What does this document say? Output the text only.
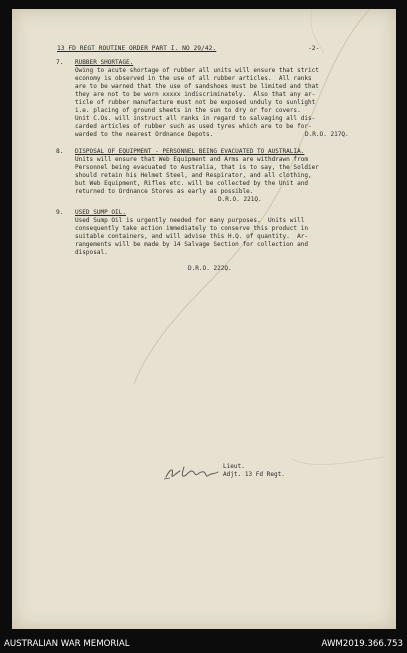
13 FD REGT ROUTINE ORDER PART I. NO 29/42.	-2-

7. RUBBER SHORTAGE.

Owing to acute shortage of rubber all units will ensure that strict

economy is observed in the use of all rubber articles.  All ranks

are to be warned that the use of sandshoes must be limited and that

they are not to be worn xxxxx indiscriminately.  Also that any ar-

ticle of rubber manufacture must not be exposed unduly to sunlight

i.e. placing of ground sheets in the sun to dry or for covers.

Unit C.Os. will instruct all ranks in regard to salvaging all dis-

carded articles of rubber such as used tyres which are to be for-

warded to the nearest Ordnance Depots.	D.R.O. 217Q.

8. DISPOSAL OF EQUIPMENT - PERSONNEL BEING EVACUATED TO AUSTRALIA.

Units will ensure that Web Equipment and Arms are withdrawn from

Personnel being evacuated to Australia, that is to say, the Soldier

should retain his Helmet Steel, and Respirator, and all clothing,

but Web Equipment, Rifles etc. will be collected by the Unit and

returned to Ordnance Stores as early as possible.

D.R.O. 221Q.

9. USED SUMP OIL.

Used Sump Oil is urgently needed for many purposes.  Units will

consequently take action immediately to conserve this product in

suitable containers, and will advise this H.Q. of quantity.  Ar-

rangements will be made by 14 Salvage Section for collection and

disposal.

D.R.O. 222Q.

Lieut.

Adjt. 13 Fd Regt.

AUSTRALIAN WAR MEMORIAL	AWM2019.366.753
